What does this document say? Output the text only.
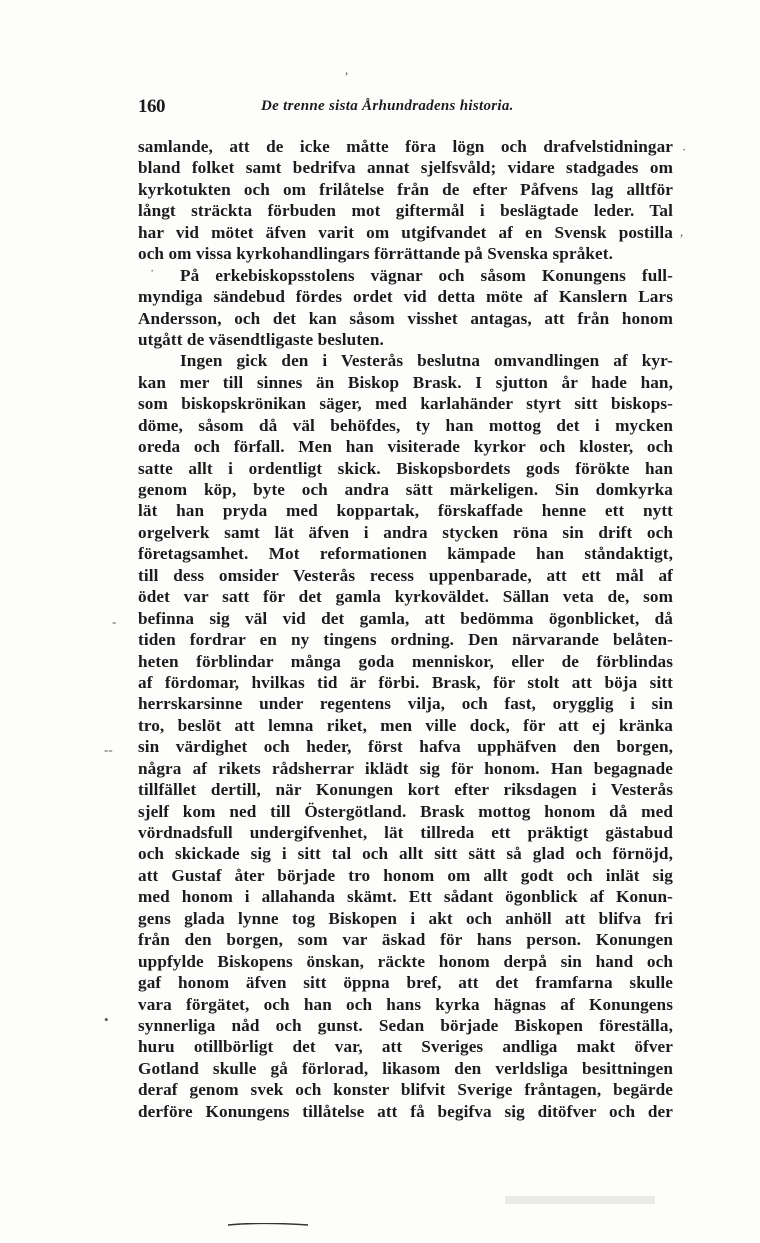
160	De trenne sista Århundradens historia.
samlande, att de icke måtte föra lögn och drafvelstidningar
bland folket samt bedrifva annat sjelfsvåld; vidare stadgades om
kyrkotukten och om frilåtelse från de efter Påfvens lag alltför
långt sträckta förbuden mot giftermål i beslägtade leder. Tal
har vid mötet äfven varit om utgifvandet af en Svensk postilla
och om vissa kyrkohandlingars förrättande på Svenska språket.
På erkebiskopsstolens vägnar och såsom Konungens full-
myndiga sändebud fördes ordet vid detta möte af Kanslern Lars
Andersson, och det kan såsom visshet antagas, att från honom
utgått de väsendtligaste besluten.
Ingen gick den i Vesterås beslutna omvandlingen af kyr-
kan mer till sinnes än Biskop Brask. I sjutton år hade han,
som biskopskrönikan säger, med karlahänder styrt sitt biskops-
döme, såsom då väl behöfdes, ty han mottog det i mycken
oreda och förfall. Men han visiterade kyrkor och kloster, och
satte allt i ordentligt skick. Biskopsbordets gods förökte han
genom köp, byte och andra sätt märkeligen. Sin domkyrka
lät han pryda med koppartak, förskaffade henne ett nytt
orgelverk samt lät äfven i andra stycken röna sin drift och
företagsamhet. Mot reformationen kämpade han ståndaktigt,
till dess omsider Vesterås recess uppenbarade, att ett mål af
ödet var satt för det gamla kyrkoväldet. Sällan veta de, som
befinna sig väl vid det gamla, att bedömma ögonblicket, då
tiden fordrar en ny tingens ordning. Den närvarande belåten-
heten förblindar många goda menniskor, eller de förblindas
af fördomar, hvilkas tid är förbi. Brask, för stolt att böja sitt
herrskarsinne under regentens vilja, och fast, orygglig i sin
tro, beslöt att lemna riket, men ville dock, för att ej kränka
sin värdighet och heder, först hafva upphäfven den borgen,
några af rikets rådsherrar iklädt sig för honom. Han begagnade
tillfället dertill, när Konungen kort efter riksdagen i Vesterås
sjelf kom ned till Östergötland. Brask mottog honom då med
vördnadsfull undergifvenhet, lät tillreda ett präktigt gästabud
och skickade sig i sitt tal och allt sitt sätt så glad och förnöjd,
att Gustaf åter började tro honom om allt godt och inlät sig
med honom i allahanda skämt. Ett sådant ögonblick af Konun-
gens glada lynne tog Biskopen i akt och anhöll att blifva fri
från den borgen, som var äskad för hans person. Konungen
uppfylde Biskopens önskan, räckte honom derpå sin hand och
gaf honom äfven sitt öppna bref, att det framfarna skulle
vara förgätet, och han och hans kyrka hägnas af Konungens
synnerliga nåd och gunst. Sedan började Biskopen föreställa,
huru otillbörligt det var, att Sveriges andliga makt öfver
Gotland skulle gå förlorad, likasom den verldsliga besittningen
deraf genom svek och konster blifvit Sverige fråntagen, begärde
derföre Konungens tillåtelse att få begifva sig ditöfver och der
,
·
,
·
-
--
•
